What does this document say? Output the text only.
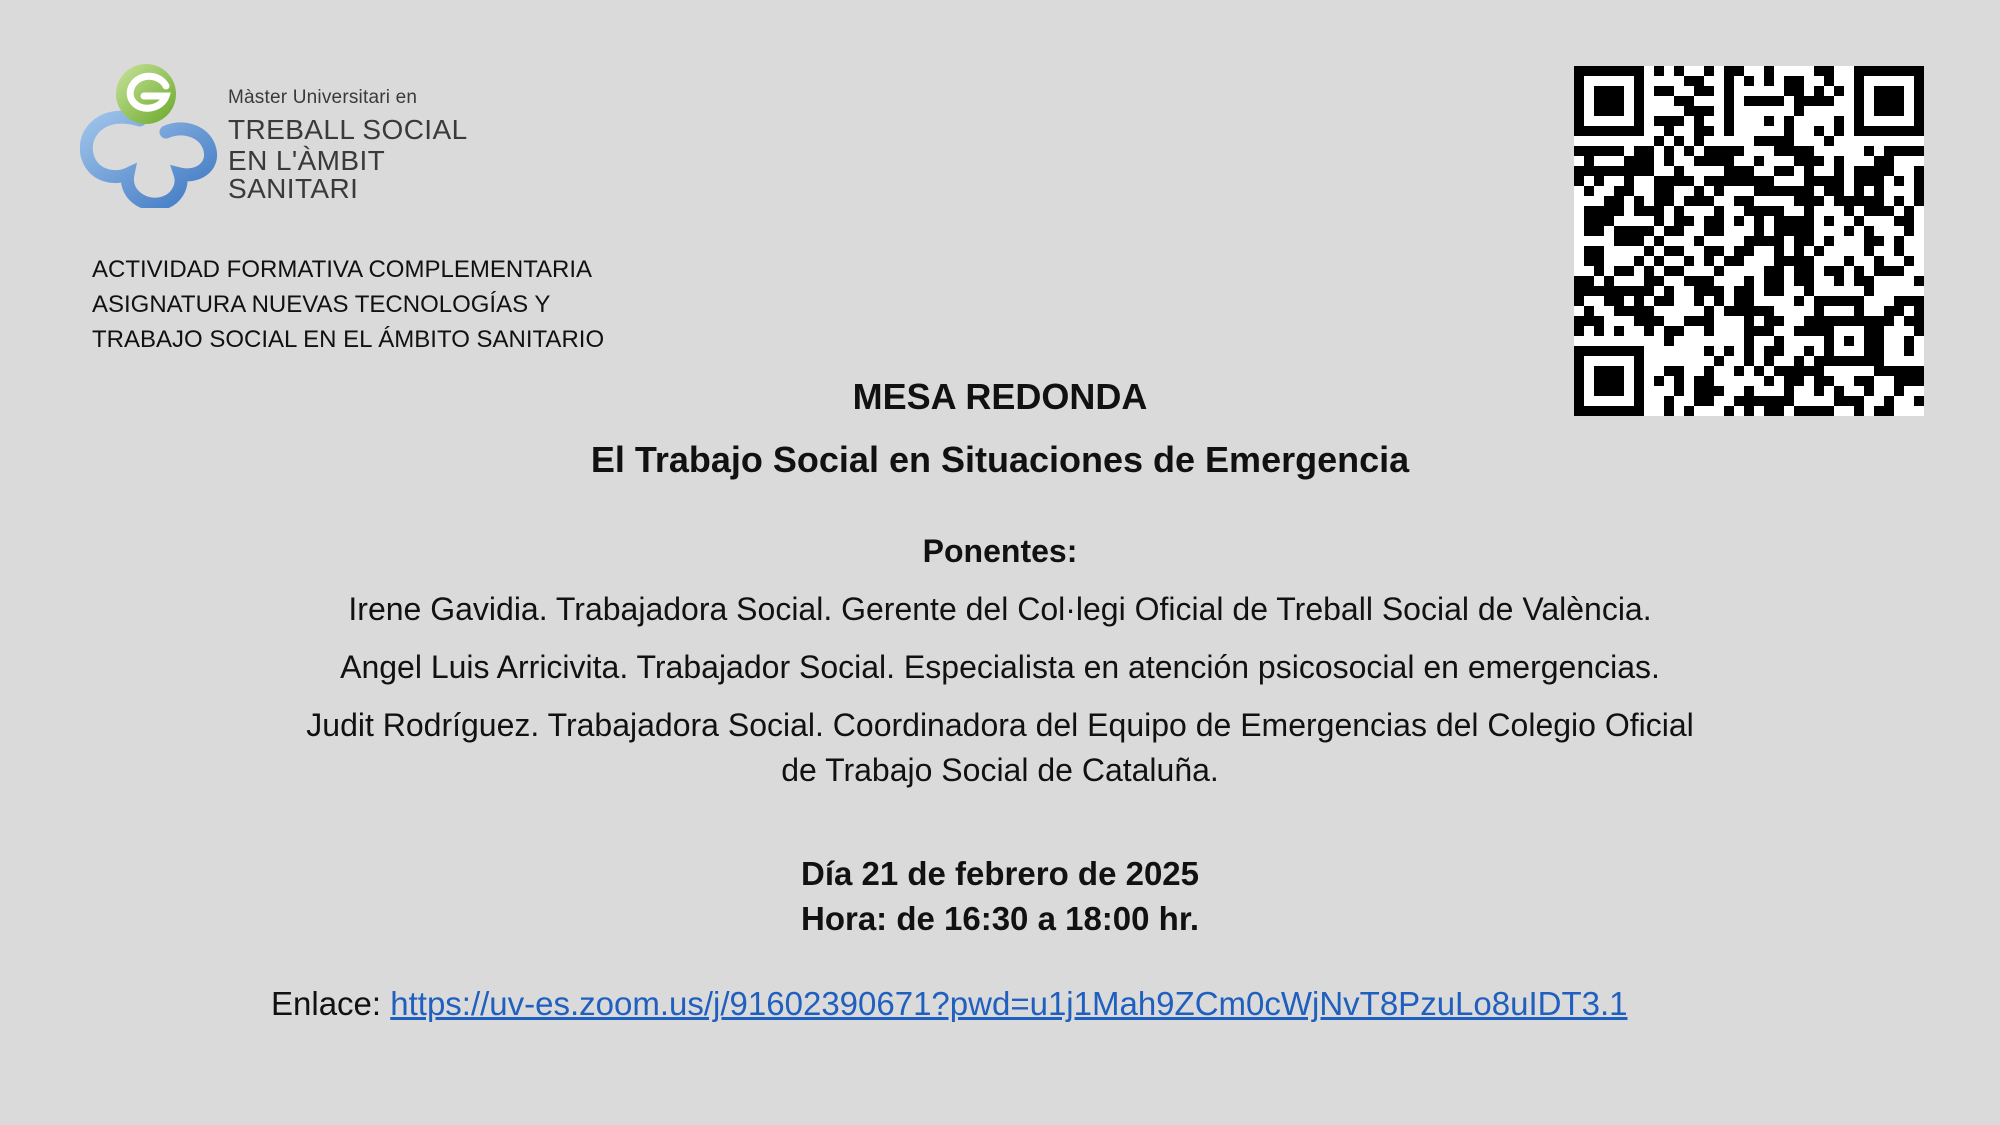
Màster Universitari en
TREBALL SOCIAL
EN L'ÀMBIT SANITARI
ACTIVIDAD FORMATIVA COMPLEMENTARIA
ASIGNATURA NUEVAS TECNOLOGÍAS Y
TRABAJO SOCIAL EN EL ÁMBITO SANITARIO
MESA REDONDA
El Trabajo Social en Situaciones de Emergencia
Ponentes:
Irene Gavidia. Trabajadora Social. Gerente del Col·legi Oficial de Treball Social de València.
Angel Luis Arricivita. Trabajador Social. Especialista en atención psicosocial en emergencias.
Judit Rodríguez. Trabajadora Social. Coordinadora del Equipo de Emergencias del Colegio Oficial
de Trabajo Social de Cataluña.
Día 21 de febrero de 2025
Hora: de 16:30 a 18:00 hr.
Enlace: https://uv-es.zoom.us/j/91602390671?pwd=u1j1Mah9ZCm0cWjNvT8PzuLo8uIDT3.1
